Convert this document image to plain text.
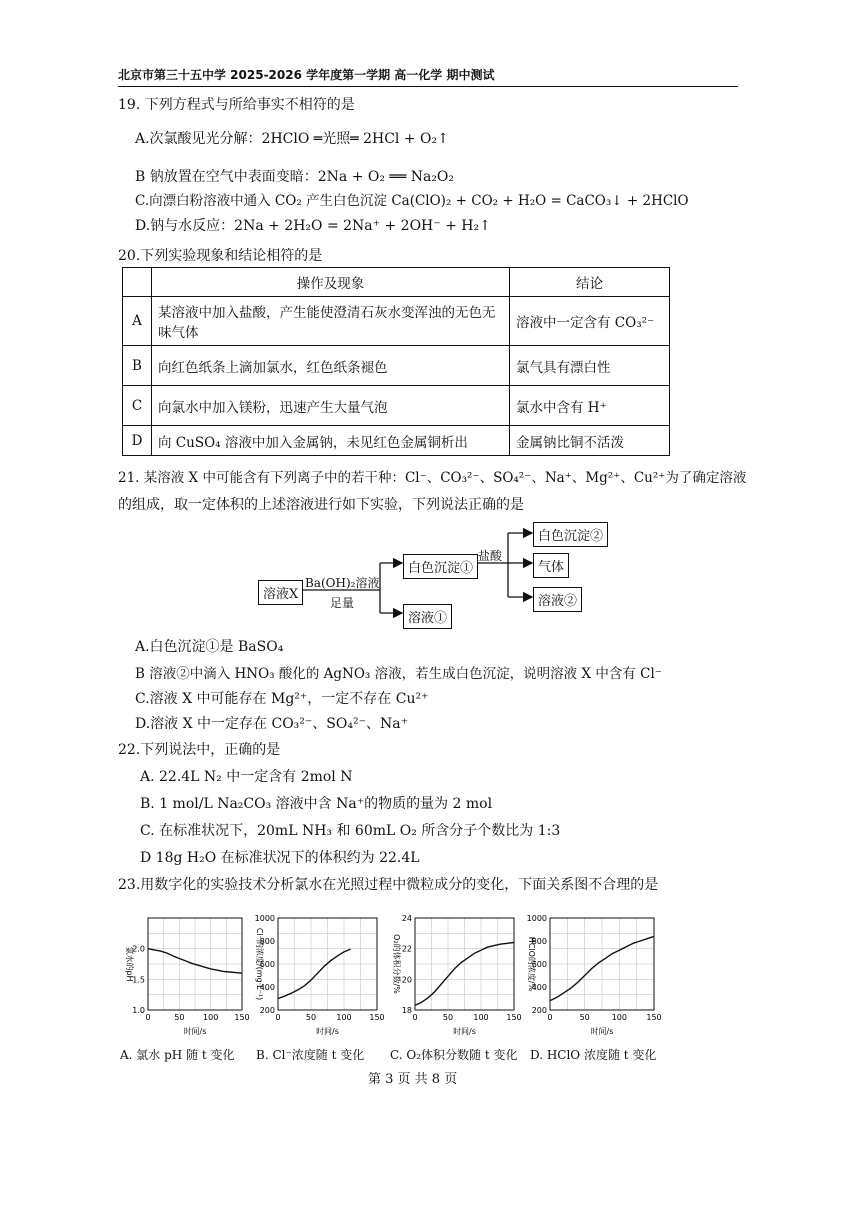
北京市第三十五中学 2025-2026 学年度第一学期 高一化学 期中测试
19. 下列方程式与所给事实不相符的是
A.次氯酸见光分解：2HClO ═光照═ 2HCl + O₂↑
B 钠放置在空气中表面变暗：2Na + O₂ ══ Na₂O₂
C.向漂白粉溶液中通入 CO₂ 产生白色沉淀 Ca(ClO)₂ + CO₂ + H₂O = CaCO₃↓ + 2HClO
D.钠与水反应：2Na + 2H₂O = 2Na⁺ + 2OH⁻ + H₂↑
20.下列实验现象和结论相符的是
	操作及现象	结论
A	某溶液中加入盐酸，产生能使澄清石灰水变浑浊的无色无味气体	溶液中一定含有 CO₃²⁻
B	向红色纸条上滴加氯水，红色纸条褪色	氯气具有漂白性
C	向氯水中加入镁粉，迅速产生大量气泡	氯水中含有 H⁺
D	向 CuSO₄ 溶液中加入金属钠，未见红色金属铜析出	金属钠比铜不活泼
21. 某溶液 X 中可能含有下列离子中的若干种：Cl⁻、CO₃²⁻、SO₄²⁻、Na⁺、Mg²⁺、Cu²⁺为了确定溶液
的组成，取一定体积的上述溶液进行如下实验，下列说法正确的是
溶液X
Ba(OH)₂溶液
足量
白色沉淀①
溶液①
盐酸
白色沉淀②
气体
溶液②
A.白色沉淀①是 BaSO₄
B 溶液②中滴入 HNO₃ 酸化的 AgNO₃ 溶液，若生成白色沉淀，说明溶液 X 中含有 Cl⁻
C.溶液 X 中可能存在 Mg²⁺，一定不存在 Cu²⁺
D.溶液 X 中一定存在 CO₃²⁻、SO₄²⁻、Na⁺
22.下列说法中，正确的是
A. 22.4L N₂ 中一定含有 2mol N
B. 1 mol/L Na₂CO₃ 溶液中含 Na⁺的物质的量为 2 mol
C. 在标准状况下，20mL NH₃ 和 60mL O₂ 所含分子个数比为 1:3
D 18g H₂O 在标准状况下的体积约为 22.4L
23.用数字化的实验技术分析氯水在光照过程中微粒成分的变化，下面关系图不合理的是
1.0
1.5
2.0
0	50 100 150
时间/s
氯水的pH
200
400
600
800
1000
0	50	100 150
时间/s
Cl⁻的浓度/(mg·L⁻¹)
18
20
22
24
0	50	100 150
时间/s
O₂的体积分数/%
200
400
600
800
1000
0	50	100 150
时间/s
HClO的浓度/%
A. 氯水 pH 随 t 变化 B. Cl⁻浓度随 t 变化 C. O₂体积分数随 t 变化 D. HClO 浓度随 t 变化
第 3 页 共 8 页
